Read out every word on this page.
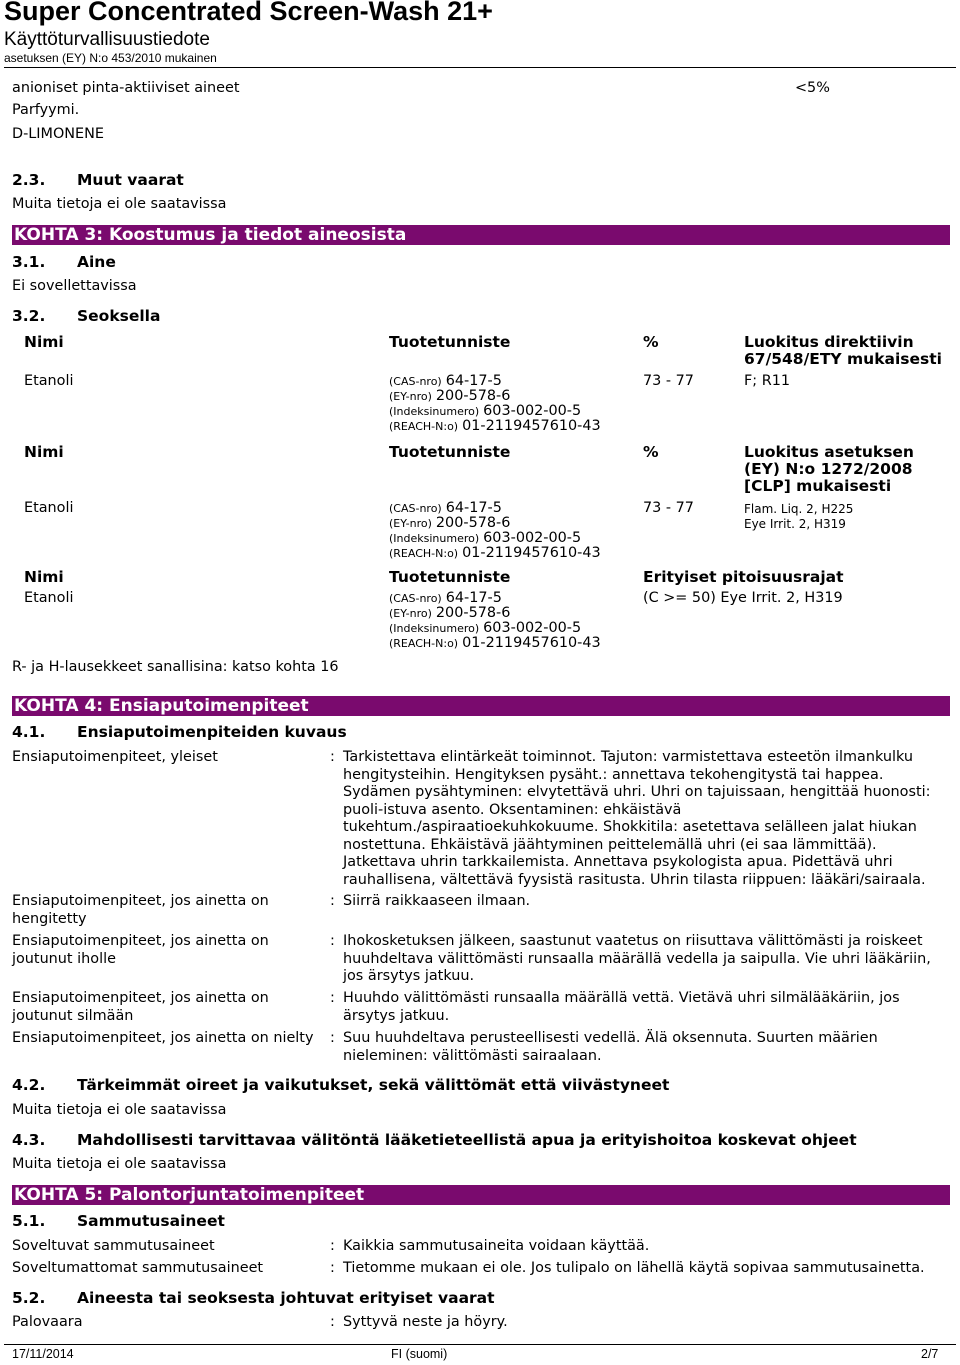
Super Concentrated Screen-Wash 21+
Käyttöturvallisuustiedote
asetuksen (EY) N:o 453/2010 mukainen
anioniset pinta-aktiiviset aineet	<5%
Parfyymi.
D-LIMONENE
2.3. Muut vaarat
Muita tietoja ei ole saatavissa
KOHTA 3: Koostumus ja tiedot aineosista
3.1. Aine
Ei sovellettavissa
3.2. Seoksella
Nimi	Tuotetunniste	%	Luokitus direktiivin
67/548/ETY mukaisesti
Etanoli	(CAS-nro) 64-17-5
(EY-nro) 200-578-6
(Indeksinumero) 603-002-00-5
(REACH-N:o) 01-2119457610-43
73 - 77	F; R11
Nimi	Tuotetunniste	%	Luokitus asetuksen
(EY) N:o 1272/2008
[CLP] mukaisesti
Etanoli	(CAS-nro) 64-17-5
(EY-nro) 200-578-6
(Indeksinumero) 603-002-00-5
(REACH-N:o) 01-2119457610-43
73 - 77	Flam. Liq. 2, H225
Eye Irrit. 2, H319
Nimi	Tuotetunniste	Erityiset pitoisuusrajat
Etanoli	(CAS-nro) 64-17-5
(EY-nro) 200-578-6
(Indeksinumero) 603-002-00-5
(REACH-N:o) 01-2119457610-43
(C >= 50) Eye Irrit. 2, H319
R- ja H-lausekkeet sanallisina: katso kohta 16
KOHTA 4: Ensiaputoimenpiteet
4.1. Ensiaputoimenpiteiden kuvaus
Ensiaputoimenpiteet, yleiset	: Tarkistettava elintärkeät toiminnot. Tajuton: varmistettava esteetön ilmankulku hengitysteihin. Hengityksen pysäht.: annettava tekohengitystä tai happea. Sydämen pysähtyminen: elvytettävä uhri. Uhri on tajuissaan, hengittää huonosti: puoli-istuva asento. Oksentaminen: ehkäistävä tukehtum./aspiraatioekuhkokuume. Shokkitila: asetettava selälleen jalat hiukan nostettuna. Ehkäistävä jäähtyminen peittelemällä uhri (ei saa lämmittää). Jatkettava uhrin tarkkailemista. Annettava psykologista apua. Pidettävä uhri rauhallisena, vältettävä fyysistä rasitusta. Uhrin tilasta riippuen: lääkäri/sairaala.
Ensiaputoimenpiteet, jos ainetta on hengitetty
: Siirrä raikkaaseen ilmaan.
Ensiaputoimenpiteet, jos ainetta on joutunut iholle
: Ihokosketuksen jälkeen, saastunut vaatetus on riisuttava välittömästi ja roiskeet huuhdeltava välittömästi runsaalla määrällä vedella ja saipulla. Vie uhri lääkäriin, jos ärsytys jatkuu.
Ensiaputoimenpiteet, jos ainetta on joutunut silmään
: Huuhdo välittömästi runsaalla määrällä vettä. Vietävä uhri silmälääkäriin, jos ärsytys jatkuu.
Ensiaputoimenpiteet, jos ainetta on nielty : Suu huuhdeltava perusteellisesti vedellä. Älä oksennuta. Suurten määrien nieleminen: välittömästi sairaalaan.
4.2. Tärkeimmät oireet ja vaikutukset, sekä välittömät että viivästyneet
Muita tietoja ei ole saatavissa
4.3. Mahdollisesti tarvittavaa välitöntä lääketieteellistä apua ja erityishoitoa koskevat ohjeet
Muita tietoja ei ole saatavissa
KOHTA 5: Palontorjuntatoimenpiteet
5.1. Sammutusaineet
Soveltuvat sammutusaineet	: Kaikkia sammutusaineita voidaan käyttää.
Soveltumattomat sammutusaineet	: Tietomme mukaan ei ole. Jos tulipalo on lähellä käytä sopivaa sammutusainetta.
5.2. Aineesta tai seoksesta johtuvat erityiset vaarat
Palovaara	: Syttyvä neste ja höyry.
17/11/2014	FI (suomi)	2/7
